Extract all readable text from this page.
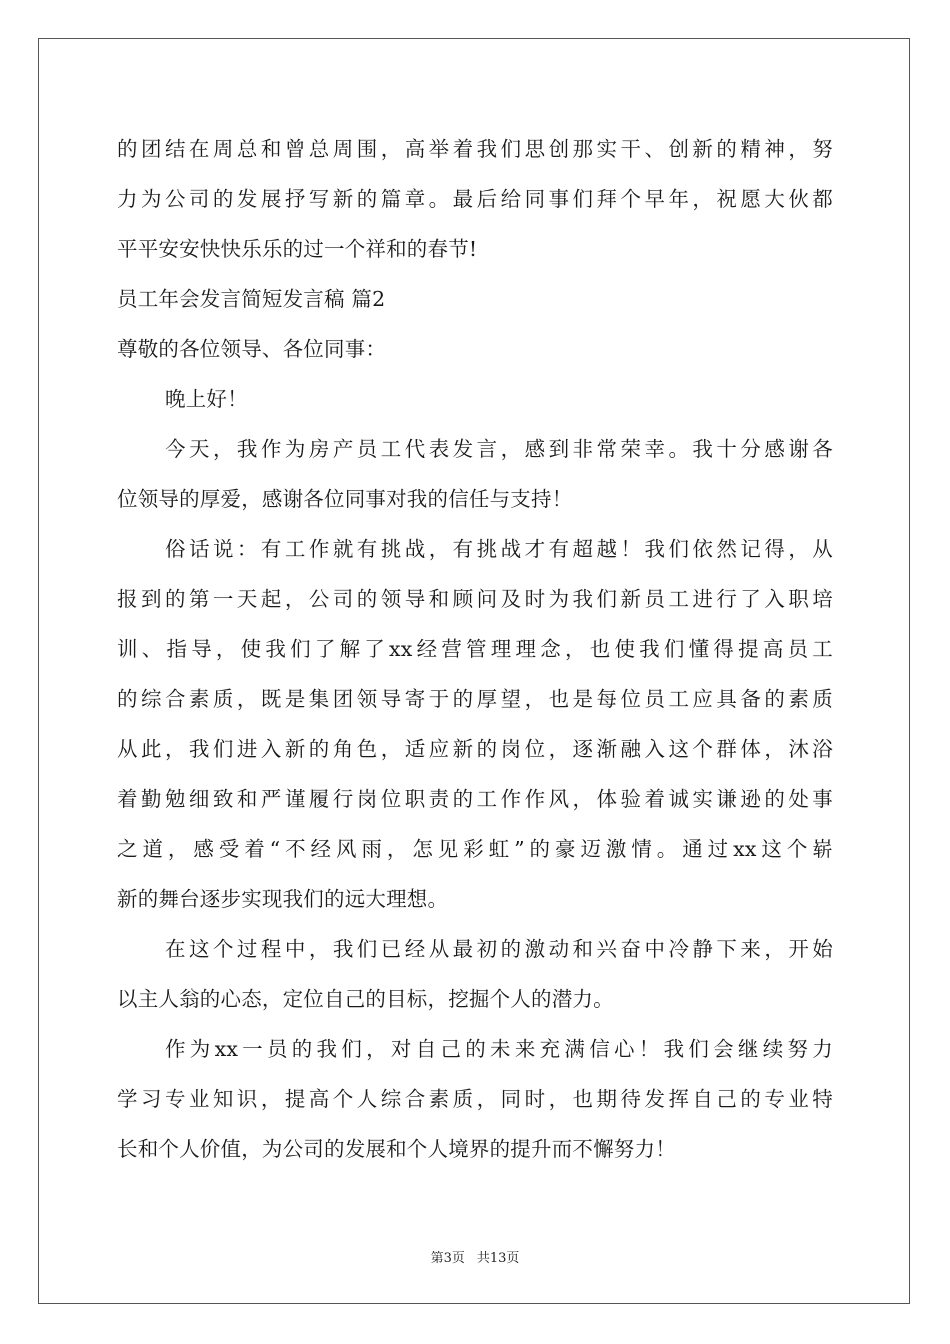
的团结在周总和曾总周围，高举着我们思创那实干、创新的精神，努
力为公司的发展抒写新的篇章。最后给同事们拜个早年，祝愿大伙都
平平安安快快乐乐的过一个祥和的春节!
员工年会发言简短发言稿 篇2
尊敬的各位领导、各位同事：
晚上好！
今天，我作为房产员工代表发言，感到非常荣幸。我十分感谢各
位领导的厚爱，感谢各位同事对我的信任与支持！
俗话说：有工作就有挑战，有挑战才有超越！我们依然记得，从
报到的第一天起，公司的领导和顾问及时为我们新员工进行了入职培
训、指导，使我们了解了xx经营管理理念，也使我们懂得提高员工
的综合素质，既是集团领导寄于的厚望，也是每位员工应具备的素质
从此，我们进入新的角色，适应新的岗位，逐渐融入这个群体，沐浴
着勤勉细致和严谨履行岗位职责的工作作风，体验着诚实谦逊的处事
之道，感受着“不经风雨，怎见彩虹”的豪迈激情。通过xx这个崭
新的舞台逐步实现我们的远大理想。
在这个过程中，我们已经从最初的激动和兴奋中冷静下来，开始
以主人翁的心态，定位自己的目标，挖掘个人的潜力。
作为xx一员的我们，对自己的未来充满信心！我们会继续努力
学习专业知识，提高个人综合素质，同时，也期待发挥自己的专业特
长和个人价值，为公司的发展和个人境界的提升而不懈努力！
第3页 共13页
